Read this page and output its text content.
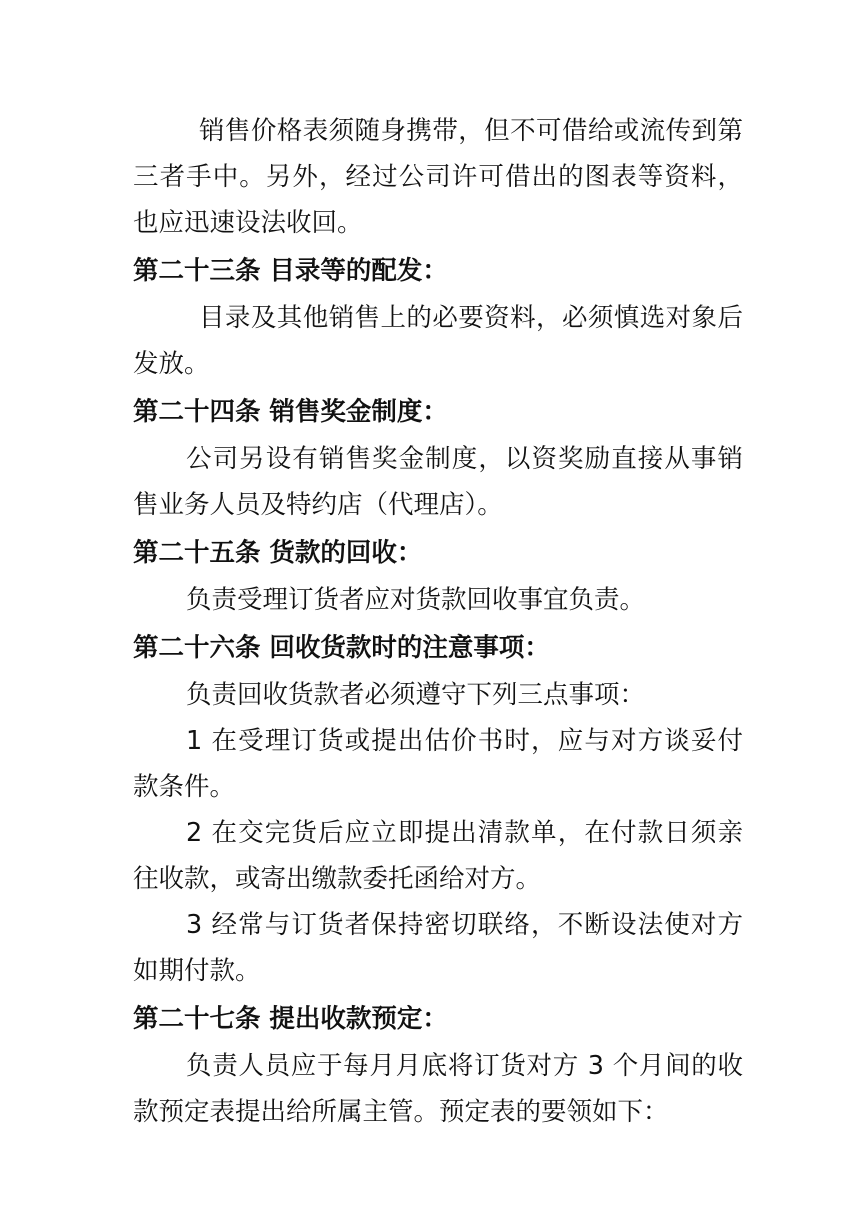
销售价格表须随身携带，但不可借给或流传到第
三者手中。另外，经过公司许可借出的图表等资料，
也应迅速设法收回。
第二十三条 目录等的配发：
目录及其他销售上的必要资料，必须慎选对象后
发放。
第二十四条 销售奖金制度：
公司另设有销售奖金制度，以资奖励直接从事销
售业务人员及特约店（代理店）。
第二十五条 货款的回收：
负责受理订货者应对货款回收事宜负责。
第二十六条 回收货款时的注意事项：
负责回收货款者必须遵守下列三点事项：
1 在受理订货或提出估价书时，应与对方谈妥付
款条件。
2 在交完货后应立即提出清款单，在付款日须亲
往收款，或寄出缴款委托函给对方。
3 经常与订货者保持密切联络，不断设法使对方
如期付款。
第二十七条 提出收款预定：
负责人员应于每月月底将订货对方 3 个月间的收
款预定表提出给所属主管。预定表的要领如下：
